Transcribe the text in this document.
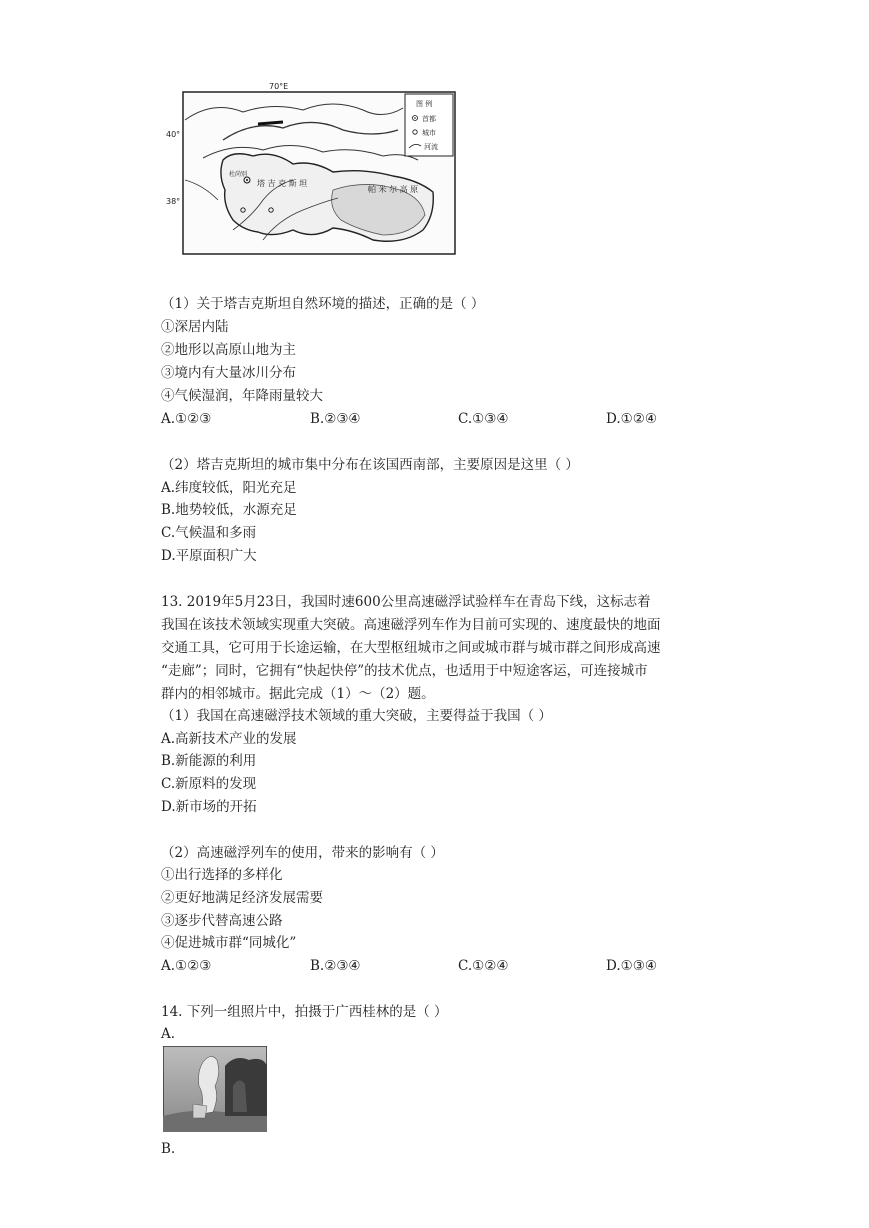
70°E
40°
38°
杜尚别
塔 吉 克 斯 坦
帕 米 尔 高 原
图 例
首都
城市
河流
（1）关于塔吉克斯坦自然环境的描述，正确的是（ ）
①深居内陆
②地形以高原山地为主
③境内有大量冰川分布
④气候湿润，年降雨量较大
A.①②③	B.②③④	C.①③④	D.①②④
（2）塔吉克斯坦的城市集中分布在该国西南部，主要原因是这里（ ）
A.纬度较低，阳光充足
B.地势较低，水源充足
C.气候温和多雨
D.平原面积广大
13. 2019年5月23日，我国时速600公里高速磁浮试验样车在青岛下线，这标志着
我国在该技术领域实现重大突破。高速磁浮列车作为目前可实现的、速度最快的地面
交通工具，它可用于长途运输，在大型枢纽城市之间或城市群与城市群之间形成高速
“走廊”；同时，它拥有“快起快停”的技术优点，也适用于中短途客运，可连接城市
群内的相邻城市。据此完成（1）～（2）题。
（1）我国在高速磁浮技术领域的重大突破，主要得益于我国（ ）
A.高新技术产业的发展
B.新能源的利用
C.新原料的发现
D.新市场的开拓
（2）高速磁浮列车的使用，带来的影响有（ ）
①出行选择的多样化
②更好地满足经济发展需要
③逐步代替高速公路
④促进城市群“同城化”
A.①②③	B.②③④	C.①②④	D.①③④
14. 下列一组照片中，拍摄于广西桂林的是（ ）
A.
B.
